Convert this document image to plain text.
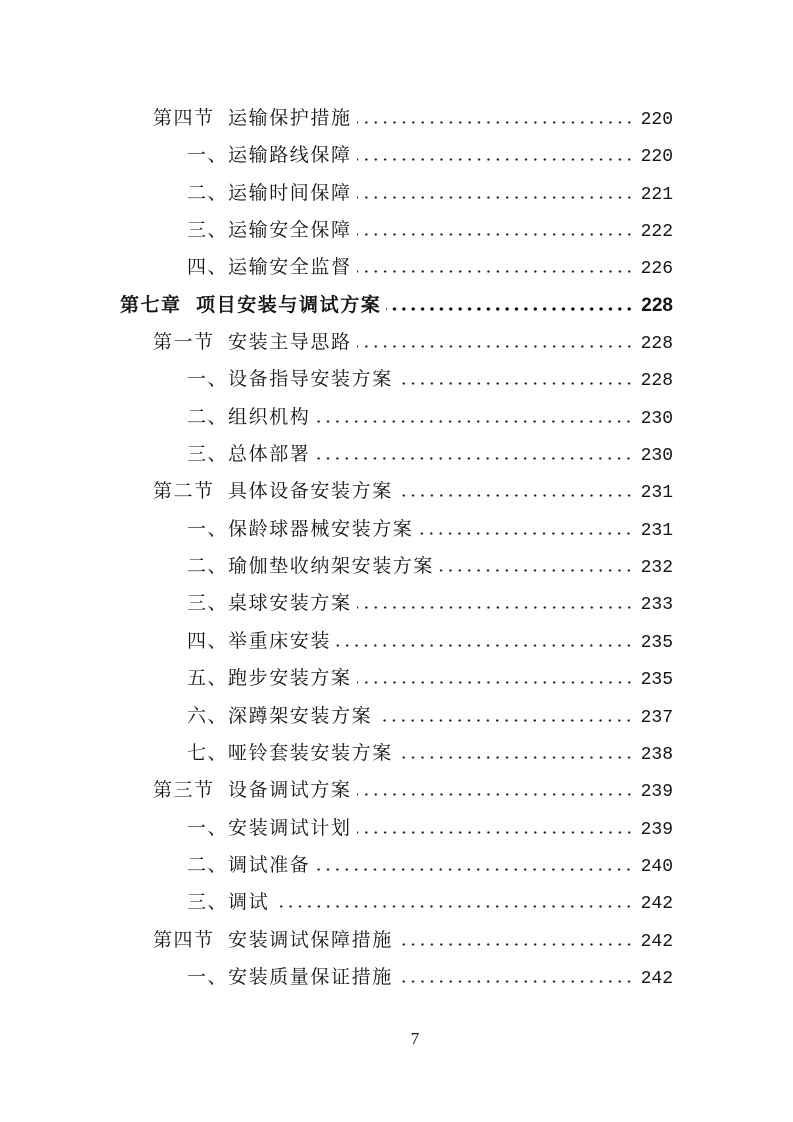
第四节 运输保护措施	220
一、 运输路线保障	220
二、 运输时间保障	221
三、 运输安全保障	222
四、 运输安全监督	226
第七章 项目安装与调试方案	228
第一节 安装主导思路	228
一、 设备指导安装方案	228
二、 组织机构	230
三、 总体部署	230
第二节 具体设备安装方案	231
一、 保龄球器械安装方案	231
二、 瑜伽垫收纳架安装方案	232
三、 桌球安装方案	233
四、 举重床安装	235
五、 跑步安装方案	235
六、 深蹲架安装方案	237
七、 哑铃套装安装方案	238
第三节 设备调试方案	239
一、 安装调试计划	239
二、 调试准备	240
三、 调试	242
第四节 安装调试保障措施	242
一、 安装质量保证措施	242
7
